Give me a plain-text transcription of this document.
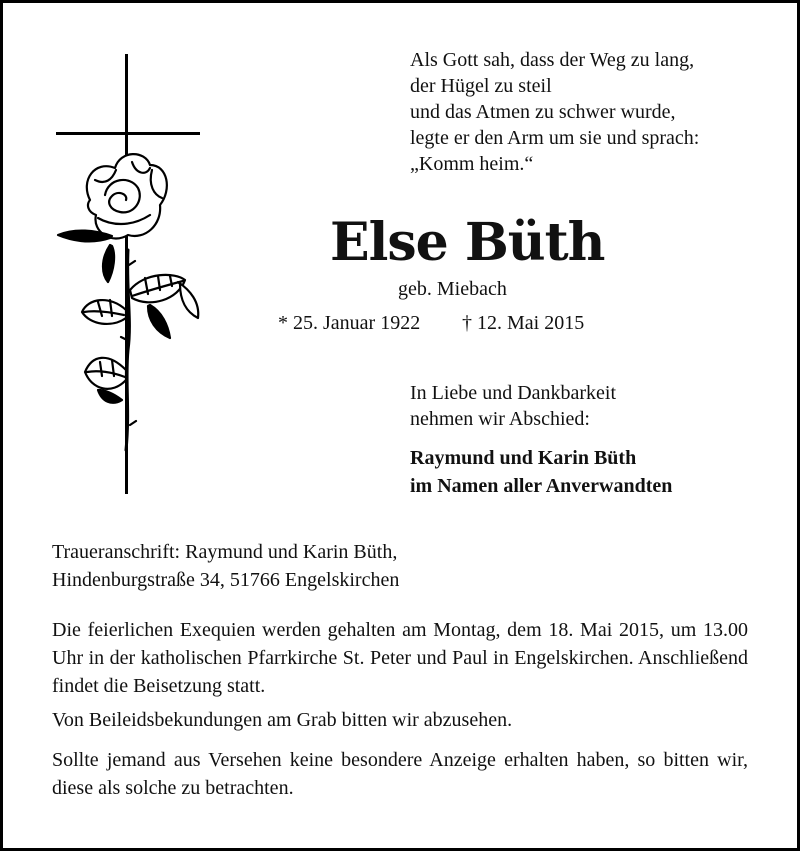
Als Gott sah, dass der Weg zu lang,
der Hügel zu steil
und das Atmen zu schwer wurde,
legte er den Arm um sie und sprach:
„Komm heim.“
Else Büth
geb. Miebach
* 25. Januar 1922 † 12. Mai 2015
In Liebe und Dankbarkeit
nehmen wir Abschied:
Raymund und Karin Büth
im Namen aller Anverwandten
Traueranschrift: Raymund und Karin Büth,
Hindenburgstraße 34, 51766 Engelskirchen

Die feierlichen Exequien werden gehalten am Montag, dem 18. Mai 2015, um 13.00 Uhr in der katholischen Pfarrkirche St. Peter und Paul in Engelskirchen. Anschließend findet die Beisetzung statt.

Von Beileidsbekundungen am Grab bitten wir abzusehen.

Sollte jemand aus Versehen keine besondere Anzeige erhalten haben, so bitten wir, diese als solche zu betrachten.
